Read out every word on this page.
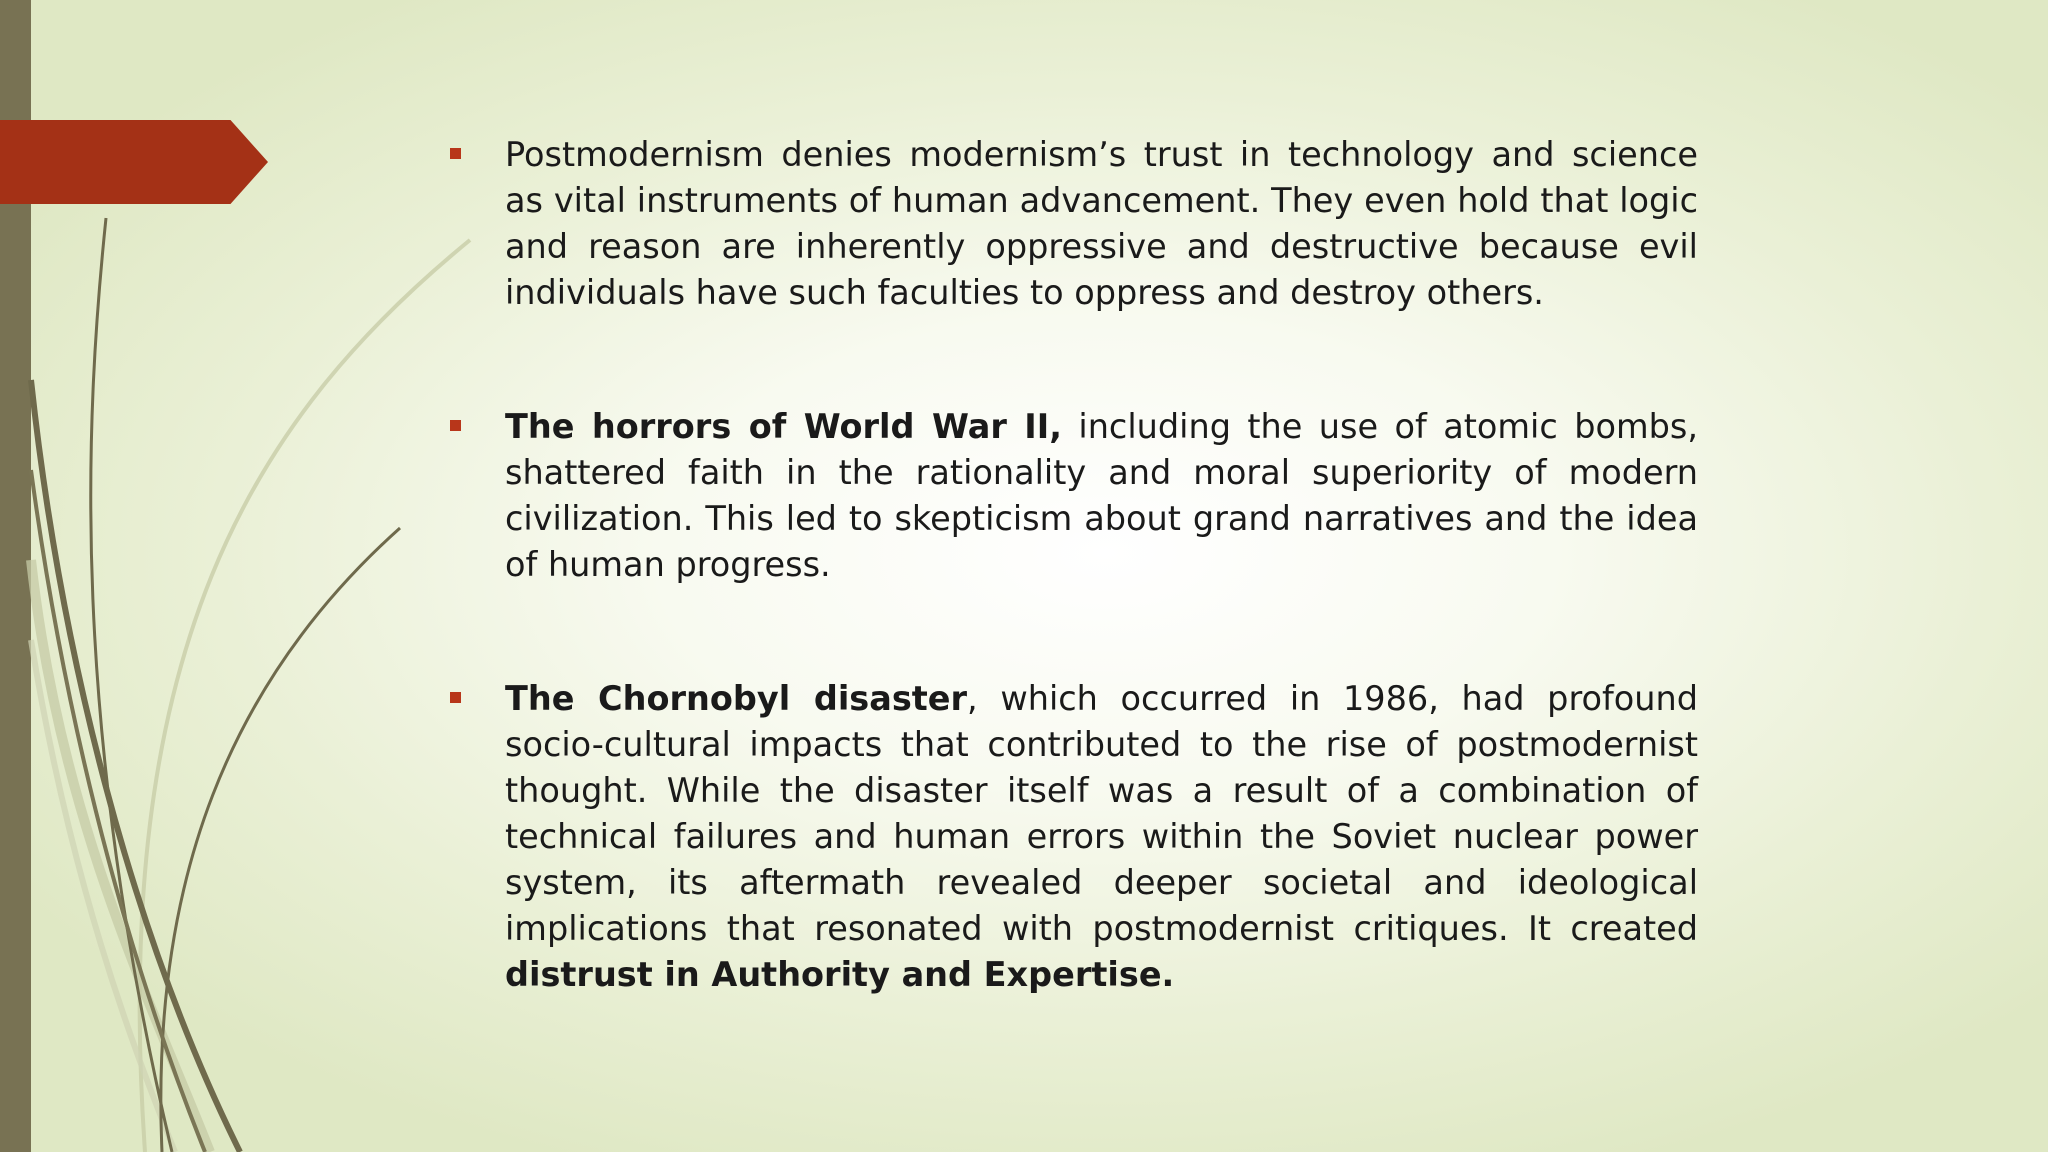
Postmodernism denies modernism’s trust in technology and science as vital instruments of human advancement. They even hold that logic and reason are inherently oppressive and destructive because evil individuals have such faculties to oppress and destroy others.
The horrors of World War II, including the use of atomic bombs, shattered faith in the rationality and moral superiority of modern civilization. This led to skepticism about grand narratives and the idea of human progress.
The Chornobyl disaster, which occurred in 1986, had profound socio-cultural impacts that contributed to the rise of postmodernist thought. While the disaster itself was a result of a combination of technical failures and human errors within the Soviet nuclear power system, its aftermath revealed deeper societal and ideological implications that resonated with postmodernist critiques. It created distrust in Authority and Expertise.
